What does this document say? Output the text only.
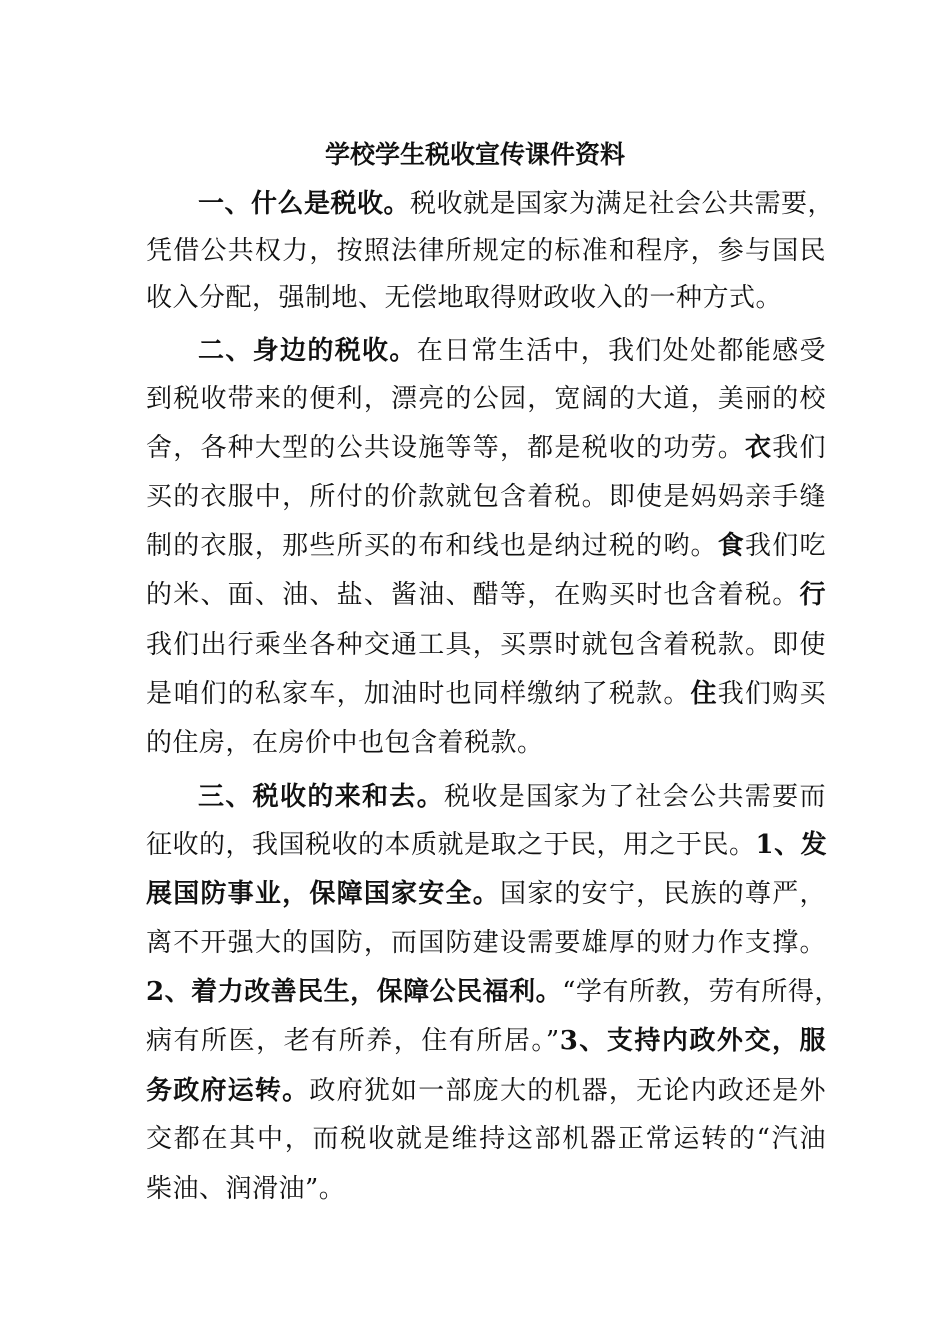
学校学生税收宣传课件资料
一、什么是税收。税收就是国家为满足社会公共需要，
凭借公共权力，按照法律所规定的标准和程序，参与国民
收入分配，强制地、无偿地取得财政收入的一种方式。
二、身边的税收。在日常生活中，我们处处都能感受
到税收带来的便利，漂亮的公园，宽阔的大道，美丽的校
舍，各种大型的公共设施等等，都是税收的功劳。衣我们
买的衣服中，所付的价款就包含着税。即使是妈妈亲手缝
制的衣服，那些所买的布和线也是纳过税的哟。食我们吃
的米、面、油、盐、酱油、醋等，在购买时也含着税。行
我们出行乘坐各种交通工具，买票时就包含着税款。即使
是咱们的私家车，加油时也同样缴纳了税款。住我们购买
的住房，在房价中也包含着税款。
三、税收的来和去。税收是国家为了社会公共需要而
征收的，我国税收的本质就是取之于民，用之于民。1、发
展国防事业，保障国家安全。国家的安宁，民族的尊严，
离不开强大的国防，而国防建设需要雄厚的财力作支撑。
2、着力改善民生，保障公民福利。“学有所教，劳有所得，
病有所医，老有所养，住有所居。”3、支持内政外交，服
务政府运转。政府犹如一部庞大的机器，无论内政还是外
交都在其中，而税收就是维持这部机器正常运转的“汽油
柴油、润滑油”。
